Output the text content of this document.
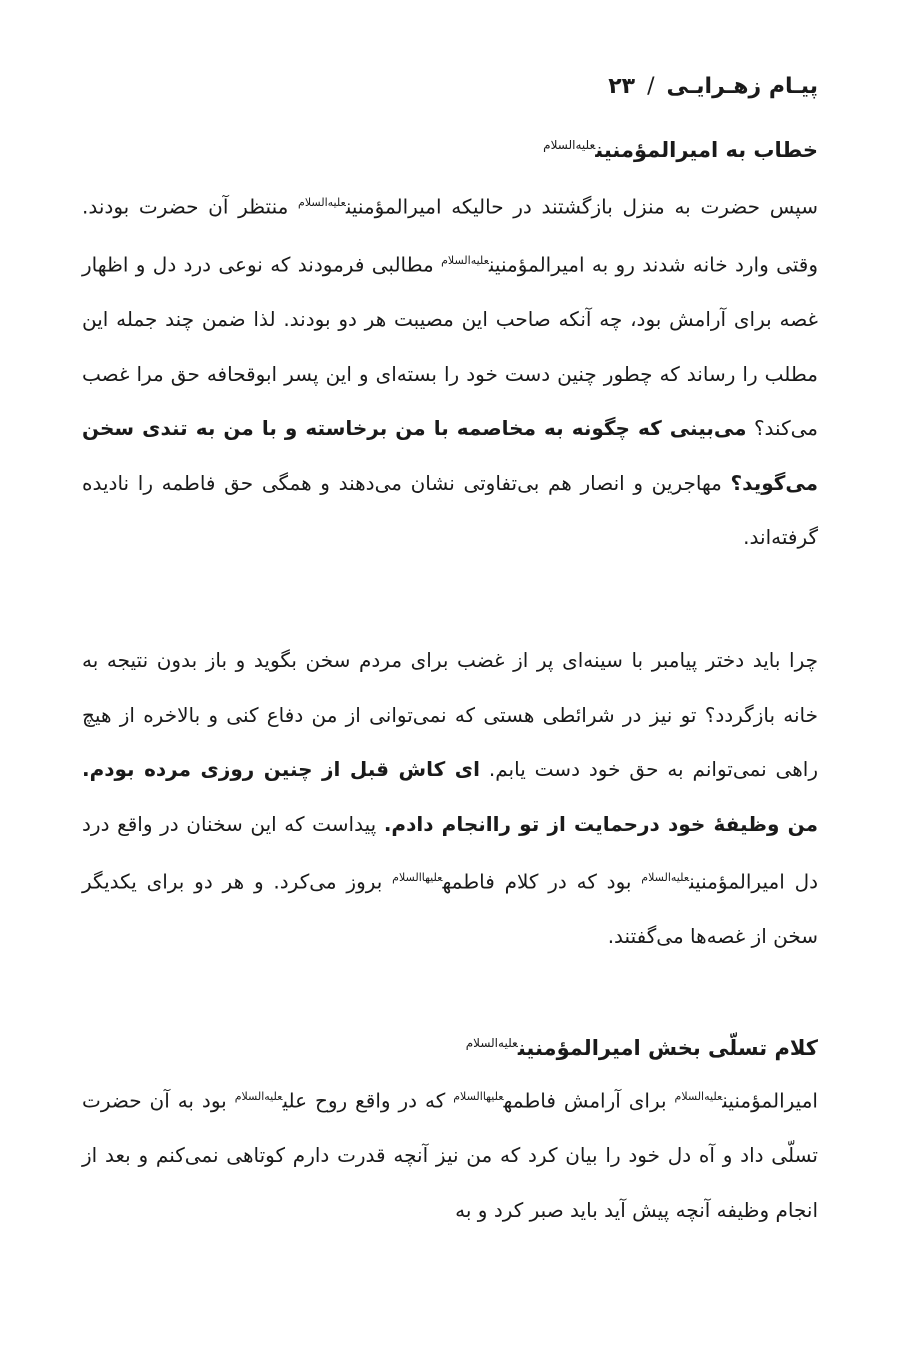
پیـام زهـرایـی/۲۳
خطاب به امیرالمؤمنین$^{علیه‌السلام}$
سپس حضرت به منزل بازگشتند در حالیکه امیرالمؤمنین$^{علیه‌السلام}$ منتظر آن حضرت بودند. وقتی وارد خانه شدند رو به امیرالمؤمنین$^{علیه‌السلام}$ مطالبی فرمودند که نوعی درد دل و اظهار غصه برای آرامش بود، چه آنکه صاحب این مصیبت هر دو بودند. لذا ضمن چند جمله این مطلب را رساند که چطور چنین دست خود را بسته‌ای و این پسر ابوقحافه حق مرا غصب می‌کند؟ می‌بینی که چگونه به مخاصمه با من برخاسته و با من به تندی سخن می‌گوید؟ مهاجرین و انصار هم بی‌تفاوتی نشان می‌دهند و همگی حق فاطمه را نادیده گرفته‌اند.
چرا باید دختر پیامبر با سینه‌ای پر از غضب برای مردم سخن بگوید و باز بدون نتیجه به خانه بازگردد؟ تو نیز در شرائطی هستی که نمی‌توانی از من دفاع کنی و بالاخره از هیچ راهی نمی‌توانم به حق خود دست یابم. ای کاش قبل از چنین روزی مرده بودم. من وظیفهٔ خود درحمایت از تو راانجام دادم. پیداست که این سخنان در واقع درد دل امیرالمؤمنین$^{علیه‌السلام}$ بود که در کلام فاطمه$^{علیهاالسلام}$ بروز می‌کرد. و هر دو برای یکدیگر سخن از غصه‌ها می‌گفتند.
کلام تسلّی بخش امیرالمؤمنین$^{علیه‌السلام}$
امیرالمؤمنین$^{علیه‌السلام}$ برای آرامش فاطمه$^{علیهاالسلام}$ که در واقع روح علی$^{علیه‌السلام}$ بود به آن حضرت تسلّی داد و آه دل خود را بیان کرد که من نیز آنچه قدرت دارم کوتاهی نمی‌کنم و بعد از انجام وظیفه آنچه پیش آید باید صبر کرد و به
